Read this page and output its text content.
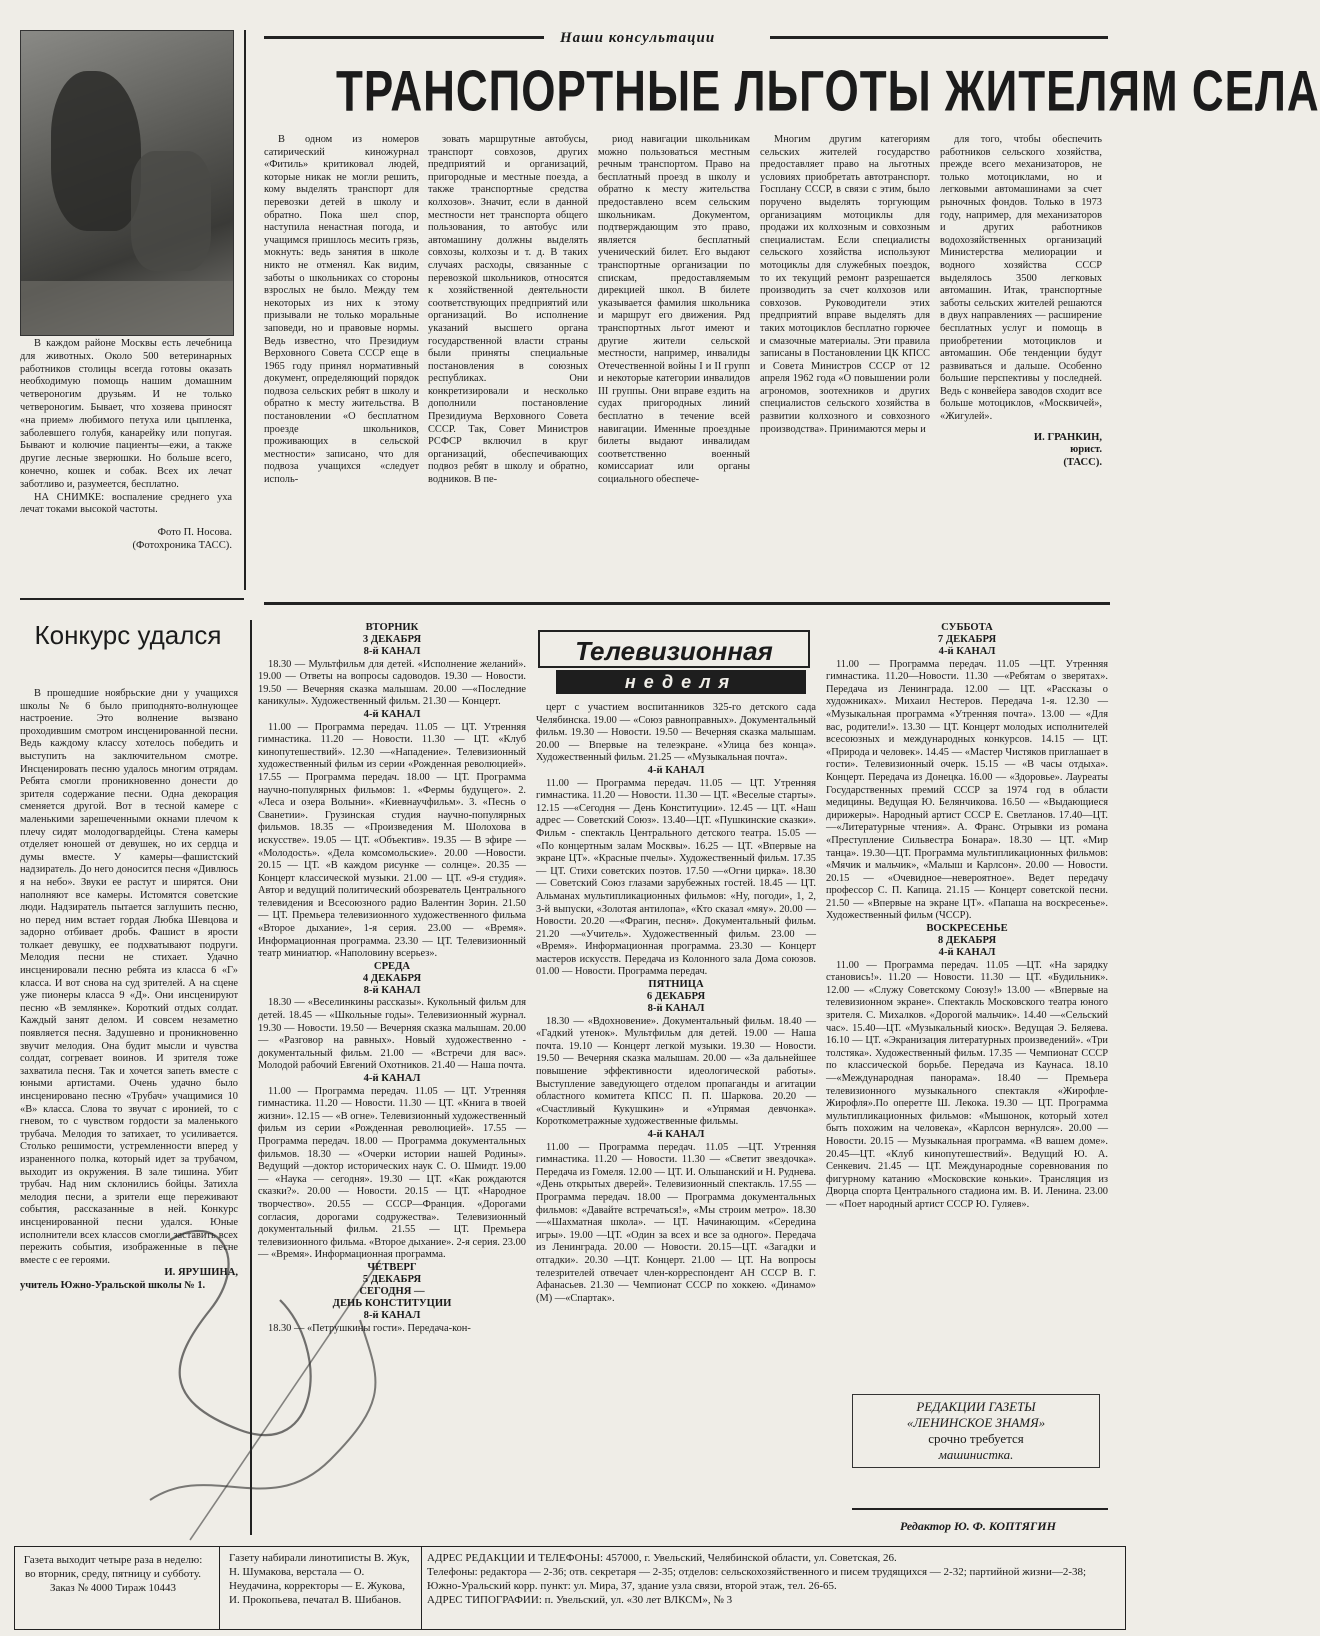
В каждом районе Москвы есть лечебница для животных. Около 500 ветеринарных работников столицы всегда готовы оказать необходимую помощь нашим домашним четвероногим друзьям. И не только четвероногим. Бывает, что хозяева приносят «на прием» любимого петуха или цыпленка, заболевшего голубя, канарейку или попугая. Бывают и колючие пациенты—ежи, а также другие лесные зверюшки. Но больше всего, конечно, кошек и собак. Всех их лечат заботливо и, разумеется, бесплатно.

НА СНИМКЕ: воспаление среднего уха лечат токами высокой частоты.

Фото П. Носова.
(Фотохроника ТАСС).
Наши консультации
ТРАНСПОРТНЫЕ ЛЬГОТЫ ЖИТЕЛЯМ СЕЛА

В одном из номеров сатирический киножурнал «Фитиль» критиковал людей, которые никак не могли решить, кому выделять транспорт для перевозки детей в школу и обратно. Пока шел спор, наступила ненастная погода, и учащимся пришлось месить грязь, мокнуть: ведь занятия в школе никто не отменял. Как видим, заботы о школьниках со стороны взрослых не было. Между тем некоторых из них к этому призывали не только моральные заповеди, но и правовые нормы. Ведь известно, что Президиум Верховного Совета СССР еще в 1965 году принял нормативный документ, определяющий порядок подвоза сельских ребят в школу и обратно к месту жительства. В постановлении «О бесплатном проезде школьников, проживающих в сельской местности» записано, что для подвоза учащихся «следует исполь-

зовать маршрутные автобусы, транспорт совхозов, других предприятий и организаций, пригородные и местные поезда, а также транспортные средства колхозов». Значит, если в данной местности нет транспорта общего пользования, то автобус или автомашину должны выделять совхозы, колхозы и т. д. В таких случаях расходы, связанные с перевозкой школьников, относятся к хозяйственной деятельности соответствующих предприятий или организаций. Во исполнение указаний высшего органа государственной власти страны были приняты специальные постановления в союзных республиках. Они конкретизировали и несколько дополнили постановление Президиума Верховного Совета СССР. Так, Совет Министров РСФСР включил в круг организаций, обеспечивающих подвоз ребят в школу и обратно, водников. В пе-

риод навигации школьникам можно пользоваться местным речным транспортом. Право на бесплатный проезд в школу и обратно к месту жительства предоставлено всем сельским школьникам. Документом, подтверждающим это право, является бесплатный ученический билет. Его выдают транспортные организации по спискам, предоставляемым дирекцией школ. В билете указывается фамилия школьника и маршрут его движения. Ряд транспортных льгот имеют и другие жители сельской местности, например, инвалиды Отечественной войны I и II групп и некоторые категории инвалидов III группы. Они вправе ездить на судах пригородных линий бесплатно в течение всей навигации. Именные проездные билеты выдают инвалидам соответственно военный комиссариат или органы социального обеспече-

Многим другим категориям сельских жителей государство предоставляет право на льготных условиях приобретать автотранспорт. Госплану СССР, в связи с этим, было поручено выделять торгующим организациям мотоциклы для продажи их колхозным и совхозным специалистам. Если специалисты сельского хозяйства используют мотоциклы для служебных поездок, то их текущий ремонт разрешается производить за счет колхозов или совхозов. Руководители этих предприятий вправе выделять для таких мотоциклов бесплатно горючее и смазочные материалы. Эти правила записаны в Постановлении ЦК КПСС и Совета Министров СССР от 12 апреля 1962 года «О повышении роли агрономов, зоотехников и других специалистов сельского хозяйства в развитии колхозного и совхозного производства». Принимаются меры и

для того, чтобы обеспечить работников сельского хозяйства, прежде всего механизаторов, не только мотоциклами, но и легковыми автомашинами за счет рыночных фондов. Только в 1973 году, например, для механизаторов и других работников водохозяйственных организаций Министерства мелиорации и водного хозяйства СССР выделялось 3500 легковых автомашин. Итак, транспортные заботы сельских жителей решаются в двух направлениях — расширение бесплатных услуг и помощь в приобретении мотоциклов и автомашин. Обе тенденции будут развиваться и дальше. Особенно большие перспективы у последней. Ведь с конвейера заводов сходит все больше мотоциклов, «Москвичей», «Жигулей».

И. ГРАНКИН,
юрист.
(ТАСС).
Конкурс удался

В прошедшие ноябрьские дни у учащихся школы № 6 было приподнято-волнующее настроение. Это волнение вызвано проходившим смотром инсценированной песни. Ведь каждому классу хотелось победить и выступить на заключительном смотре. Инсценировать песню удалось многим отрядам. Ребята смогли проникновенно донести до зрителя содержание песни. Одна декорация сменяется другой. Вот в тесной камере с маленькими зарешеченными окнами плечом к плечу сидят молодогвардейцы. Стена камеры отделяет юношей от девушек, но их сердца и думы вместе. У камеры—фашистский надзиратель. До него доносится песня «Дивлюсь я на небо». Звуки ее растут и ширятся. Они наполняют все камеры. Истомятся советские люди. Надзиратель пытается заглушить песню, но перед ним встает гордая Любка Шевцова и задорно отбивает дробь. Фашист в ярости толкает девушку, ее подхватывают подруги. Мелодия песни не стихает. Удачно инсценировали песню ребята из класса 6 «Г» класса. И вот снова на суд зрителей. А на сцене уже пионеры класса 9 «Д». Они инсценируют песню «В землянке». Короткий отдых солдат. Каждый занят делом. И совсем незаметно появляется песня. Задушевно и проникновенно звучит мелодия. Она будит мысли и чувства солдат, согревает воинов. И зрителя тоже захватила песня. Так и хочется запеть вместе с юными артистами. Очень удачно было инсценировано песню «Трубач» учащимися 10 «В» класса. Слова то звучат с иронией, то с гневом, то с чувством гордости за маленького трубача. Мелодия то затихает, то усиливается. Столько решимости, устремленности вперед у израненного полка, который идет за трубачом, выходит из окружения. В зале тишина. Убит трубач. Над ним склонились бойцы. Затихла мелодия песни, а зрители еще переживают события, рассказанные в ней. Конкурс инсценированной песни удался. Юные исполнители всех классов смогли заставить всех пережить события, изображенные в песне вместе с ее героями.

И. ЯРУШИНА,
учитель Южно-Уральской школы № 1.
Телевизионная
неделя
ВТОРНИК
3 ДЕКАБРЯ
8-й КАНАЛ

18.30 — Мультфильм для детей. «Исполнение желаний». 19.00 — Ответы на вопросы садоводов. 19.30 — Новости. 19.50 — Вечерняя сказка малышам. 20.00 —«Последние каникулы». Художественный фильм. 21.30 — Концерт.

4-й КАНАЛ

11.00 — Программа передач. 11.05 — ЦТ. Утренняя гимнастика. 11.20 — Новости. 11.30 — ЦТ. «Клуб кинопутешествий». 12.30 —«Нападение». Телевизионный художественный фильм из серии «Рожденная революцией». 17.55 — Программа передач. 18.00 — ЦТ. Программа научно-популярных фильмов: 1. «Фермы будущего». 2. «Леса и озера Волыни». «Киевнаучфильм». 3. «Песнь о Сванетии». Грузинская студия научно-популярных фильмов. 18.35 — «Произведения М. Шолохова в искусстве». 19.05 — ЦТ. «Объектив». 19.35 — В эфире — «Молодость». «Дела комсомольские». 20.00 —Новости. 20.15 — ЦТ. «В каждом рисунке — солнце». 20.35 — Концерт классической музыки. 21.00 — ЦТ. «9-я студия». Автор и ведущий политический обозреватель Центрального телевидения и Всесоюзного радио Валентин Зорин. 21.50 — ЦТ. Премьера телевизионного художественного фильма «Второе дыхание», 1-я серия. 23.00 — «Время». Информационная программа. 23.30 — ЦТ. Телевизионный театр миниатюр. «Наполовину всерьез».

СРЕДА
4 ДЕКАБРЯ
8-й КАНАЛ

18.30 — «Веселинкины рассказы». Кукольный фильм для детей. 18.45 — «Школьные годы». Телевизионный журнал. 19.30 — Новости. 19.50 — Вечерняя сказка малышам. 20.00 — «Разговор на равных». Новый художественно - документальный фильм. 21.00 — «Встречи для вас». Молодой рабочий Евгений Охотников. 21.40 — Наша почта.

4-й КАНАЛ

11.00 — Программа передач. 11.05 — ЦТ. Утренняя гимнастика. 11.20 — Новости. 11.30 — ЦТ. «Книга в твоей жизни». 12.15 — «В огне». Телевизионный художественный фильм из серии «Рожденная революцией». 17.55 — Программа передач. 18.00 — Программа документальных фильмов. 18.30 — «Очерки истории нашей Родины». Ведущий —доктор исторических наук С. О. Шмидт. 19.00 — «Наука — сегодня». 19.30 — ЦТ. «Как рождаются сказки?». 20.00 — Новости. 20.15 — ЦТ. «Народное творчество». 20.55 — СССР—Франция. «Дорогами согласия, дорогами содружества». Телевизионный документальный фильм. 21.55 — ЦТ. Премьера телевизионного фильма. «Второе дыхание». 2-я серия. 23.00 — «Время». Информационная программа.

ЧЕТВЕРГ
5 ДЕКАБРЯ
СЕГОДНЯ —
ДЕНЬ КОНСТИТУЦИИ
8-й КАНАЛ

18.30 — «Петрушкины гости». Передача-кон-

церт с участием воспитанников 325-го детского сада Челябинска. 19.00 — «Союз равноправных». Документальный фильм. 19.30 — Новости. 19.50 — Вечерняя сказка малышам. 20.00 — Впервые на телеэкране. «Улица без конца». Художественный фильм. 21.25 — «Музыкальная почта».

4-й КАНАЛ

11.00 — Программа передач. 11.05 — ЦТ. Утренняя гимнастика. 11.20 — Новости. 11.30 — ЦТ. «Веселые старты». 12.15 —«Сегодня — День Конституции». 12.45 — ЦТ. «Наш адрес — Советский Союз». 13.40—ЦТ. «Пушкинские сказки». Фильм - спектакль Центрального детского театра. 15.05 — «По концертным залам Москвы». 16.25 — ЦТ. «Впервые на экране ЦТ». «Красные пчелы». Художественный фильм. 17.35 — ЦТ. Стихи советских поэтов. 17.50 —«Огни цирка». 18.30 — Советский Союз глазами зарубежных гостей. 18.45 — ЦТ. Альманах мультипликационных фильмов: «Ну, погоди», 1, 2, 3-й выпуски, «Золотая антилопа», «Кто сказал «мяу». 20.00 — Новости. 20.20 —«Фрагин, песня». Документальный фильм. 21.20 —«Учитель». Художественный фильм. 23.00 — «Время». Информационная программа. 23.30 — Концерт мастеров искусств. Передача из Колонного зала Дома союзов. 01.00 — Новости. Программа передач.

ПЯТНИЦА
6 ДЕКАБРЯ
8-й КАНАЛ

18.30 — «Вдохновение». Документальный фильм. 18.40 — «Гадкий утенок». Мультфильм для детей. 19.00 — Наша почта. 19.10 — Концерт легкой музыки. 19.30 — Новости. 19.50 — Вечерняя сказка малышам. 20.00 — «За дальнейшее повышение эффективности идеологической работы». Выступление заведующего отделом пропаганды и агитации областного комитета КПСС П. П. Шаркова. 20.20 — «Счастливый Кукушкин» и «Упрямая девчонка». Короткометражные художественные фильмы.

4-й КАНАЛ

11.00 — Программа передач. 11.05 —ЦТ. Утренняя гимнастика. 11.20 — Новости. 11.30 — «Светит звездочка». Передача из Гомеля. 12.00 — ЦТ. И. Ольшанский и Н. Руднева. «День открытых дверей». Телевизионный спектакль. 17.55 — Программа передач. 18.00 — Программа документальных фильмов: «Давайте встречаться!», «Мы строим метро». 18.30—«Шахматная школа». — ЦТ. Начинающим. «Середина игры». 19.00 —ЦТ. «Один за всех и все за одного». Передача из Ленинграда. 20.00 — Новости. 20.15—ЦТ. «Загадки и отгадки». 20.30 —ЦТ. Концерт. 21.00 — ЦТ. На вопросы телезрителей отвечает член-корреспондент АН СССР В. Г. Афанасьев. 21.30 — Чемпионат СССР по хоккею. «Динамо» (М) —«Спартак».

СУББОТА
7 ДЕКАБРЯ
4-й КАНАЛ

11.00 — Программа передач. 11.05 —ЦТ. Утренняя гимнастика. 11.20—Новости. 11.30 —«Ребятам о зверятах». Передача из Ленинграда. 12.00 — ЦТ. «Рассказы о художниках». Михаил Нестеров. Передача 1-я. 12.30 — «Музыкальная программа «Утренняя почта». 13.00 — «Для вас, родители!». 13.30 — ЦТ. Концерт молодых исполнителей всесоюзных и международных конкурсов. 14.15 — ЦТ. «Природа и человек». 14.45 — «Мастер Чистяков приглашает в гости». Телевизионный очерк. 15.15 — «В часы отдыха». Концерт. Передача из Донецка. 16.00 — «Здоровье». Лауреаты Государственных премий СССР за 1974 год в области медицины. Ведущая Ю. Белянчикова. 16.50 — «Выдающиеся дирижеры». Народный артист СССР Е. Светланов. 17.40—ЦТ. —«Литературные чтения». А. Франс. Отрывки из романа «Преступление Сильвестра Бонара». 18.30 — ЦТ. «Мир танца». 19.30—ЦТ. Программа мультипликационных фильмов: «Мячик и мальчик», «Малыш и Карлсон». 20.00 — Новости. 20.15 — «Очевидное—невероятное». Ведет передачу профессор С. П. Капица. 21.15 — Концерт советской песни. 21.50 — «Впервые на экране ЦТ». «Папаша на воскресенье». Художественный фильм (ЧССР).

ВОСКРЕСЕНЬЕ
8 ДЕКАБРЯ
4-й КАНАЛ

11.00 — Программа передач. 11.05 —ЦТ. «На зарядку становись!». 11.20 — Новости. 11.30 — ЦТ. «Будильник». 12.00 — «Служу Советскому Союзу!» 13.00 — «Впервые на телевизионном экране». Спектакль Московского театра юного зрителя. С. Михалков. «Дорогой мальчик». 14.40 —«Сельский час». 15.40—ЦТ. «Музыкальный киоск». Ведущая Э. Беляева. 16.10 — ЦТ. «Экранизация литературных произведений». «Три толстяка». Художественный фильм. 17.35 — Чемпионат СССР по классической борьбе. Передача из Каунаса. 18.10 —«Международная панорама». 18.40 — Премьера телевизионного музыкального спектакля «Жирофле-Жирофля».По оперетте Ш. Лекока. 19.30 — ЦТ. Программа мультипликационных фильмов: «Мышонок, который хотел быть похожим на человека», «Карлсон вернулся». 20.00 — Новости. 20.15 — Музыкальная программа. «В вашем доме». 20.45—ЦТ. «Клуб кинопутешествий». Ведущий Ю. А. Сенкевич. 21.45 — ЦТ. Международные соревнования по фигурному катанию «Московские коньки». Трансляция из Дворца спорта Центрального стадиона им. В. И. Ленина. 23.00 — «Поет народный артист СССР Ю. Гуляев».

РЕДАКЦИИ ГАЗЕТЫ
«ЛЕНИНСКОЕ ЗНАМЯ»
срочно требуется
машинистка.
Редактор Ю. Ф. КОПТЯГИН
Газета выходит четыре раза в неделю: во вторник, среду, пятницу и субботу.
Заказ № 4000 Тираж 10443
Газету набирали линотиписты В. Жук, Н. Шумакова, верстала — О. Неудачина, корректоры — Е. Жукова, И. Прокопьева, печатал В. Шибанов.
АДРЕС РЕДАКЦИИ И ТЕЛЕФОНЫ: 457000, г. Увельский, Челябинской области, ул. Советская, 26.
Телефоны: редактора — 2-36; отв. секретаря — 2-35; отделов: сельскохозяйственного и писем трудящихся — 2-32; партийной жизни—2-38; Южно-Уральский корр. пункт: ул. Мира, 37, здание узла связи, второй этаж, тел. 26-65.
АДРЕС ТИПОГРАФИИ: п. Увельский, ул. «30 лет ВЛКСМ», № 3
